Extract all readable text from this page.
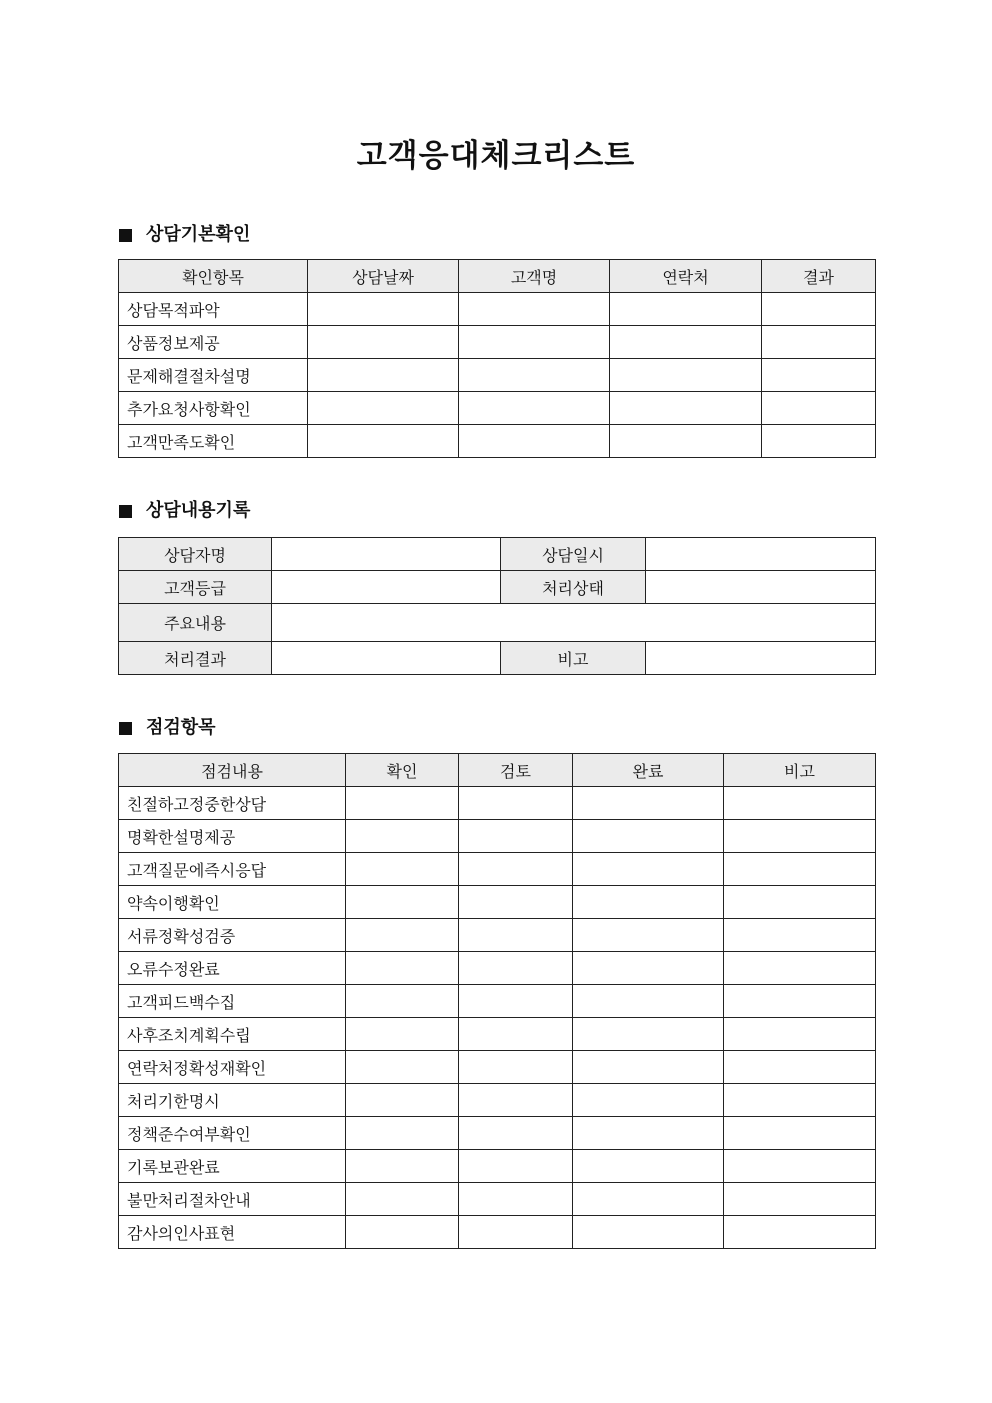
고객응대체크리스트
상담기본확인
확인항목	상담날짜	고객명	연락처	결과
상담목적파악				
상품정보제공				
문제해결절차설명				
추가요청사항확인				
고객만족도확인				
상담내용기록
상담자명		상담일시	
고객등급		처리상태	
주요내용			
처리결과		비고	
점검항목
점검내용	확인	검토	완료	비고
친절하고정중한상담				
명확한설명제공				
고객질문에즉시응답				
약속이행확인				
서류정확성검증				
오류수정완료				
고객피드백수집				
사후조치계획수립				
연락처정확성재확인				
처리기한명시				
정책준수여부확인				
기록보관완료				
불만처리절차안내				
감사의인사표현				
